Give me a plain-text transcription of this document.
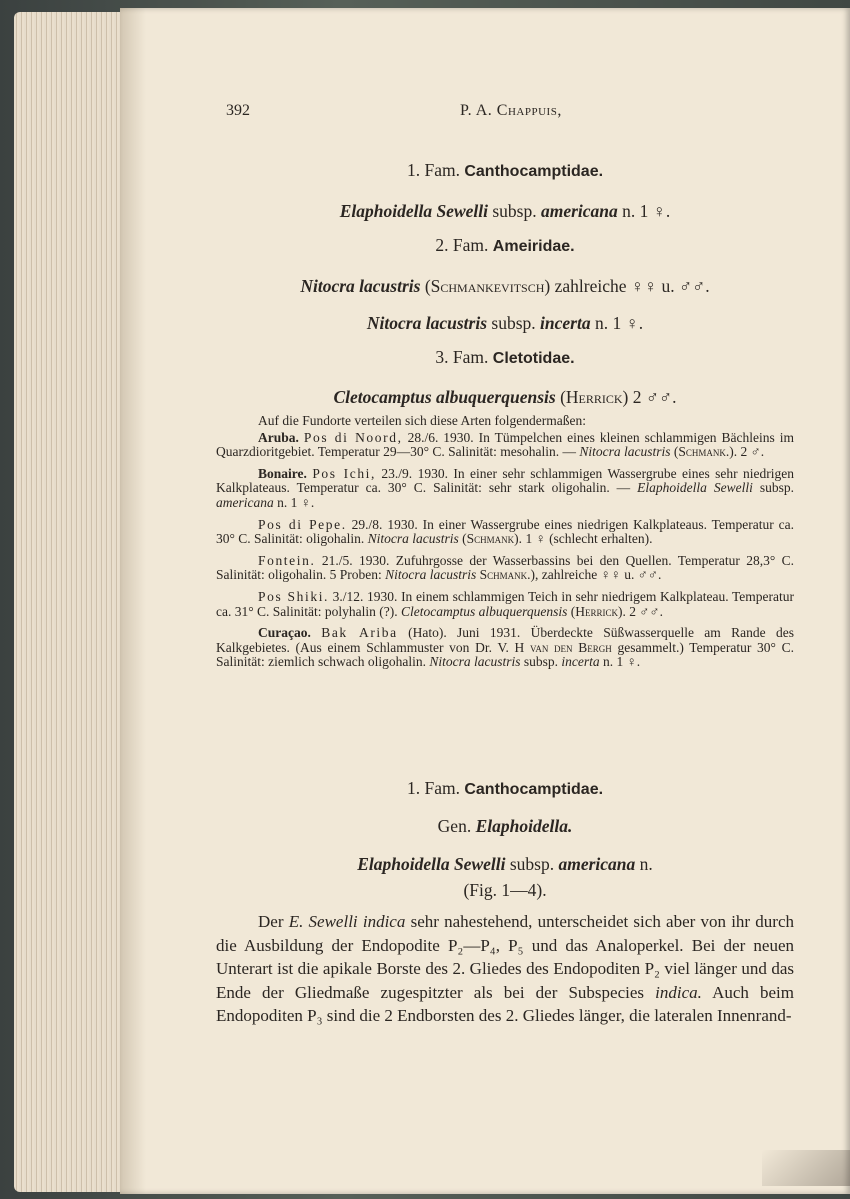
392	P. A. Chappuis,
1. Fam. Canthocamptidae.
Elaphoidella Sewelli subsp. americana n. 1 ♀.
2. Fam. Ameiridae.
Nitocra lacustris (Schmankevitsch) zahlreiche ♀♀ u. ♂♂.
Nitocra lacustris subsp. incerta n. 1 ♀.
3. Fam. Cletotidae.
Cletocamptus albuquerquensis (Herrick) 2 ♂♂.

Auf die Fundorte verteilen sich diese Arten folgendermaßen:

Aruba. Pos di Noord, 28./6. 1930. In Tümpelchen eines kleinen schlammigen Bächleins im Quarzdioritgebiet. Temperatur 29—30° C. Salinität: mesohalin. — Nitocra lacustris (Schmank.). 2 ♂.

Bonaire. Pos Ichi, 23./9. 1930. In einer sehr schlammigen Wassergrube eines sehr niedrigen Kalkplateaus. Temperatur ca. 30° C. Salinität: sehr stark oligohalin. — Elaphoidella Sewelli subsp. americana n. 1 ♀.

Pos di Pepe. 29./8. 1930. In einer Wassergrube eines niedrigen Kalkplateaus. Temperatur ca. 30° C. Salinität: oligohalin. Nitocra lacustris (Schmank). 1 ♀ (schlecht erhalten).

Fontein. 21./5. 1930. Zufuhrgosse der Wasserbassins bei den Quellen. Temperatur 28,3° C. Salinität: oligohalin. 5 Proben: Nitocra lacustris Schmank.), zahlreiche ♀♀ u. ♂♂.

Pos Shiki. 3./12. 1930. In einem schlammigen Teich in sehr niedrigem Kalkplateau. Temperatur ca. 31° C. Salinität: polyhalin (?). Cletocamptus albuquerquensis (Herrick). 2 ♂♂.

Curaçao. Bak Ariba (Hato). Juni 1931. Überdeckte Süßwasserquelle am Rande des Kalkgebietes. (Aus einem Schlammuster von Dr. V. H van den Bergh gesammelt.) Temperatur 30° C. Salinität: ziemlich schwach oligohalin. Nitocra lacustris subsp. incerta n. 1 ♀.

1. Fam. Canthocamptidae.
Gen. Elaphoidella.
Elaphoidella Sewelli subsp. americana n.
(Fig. 1—4).

Der E. Sewelli indica sehr nahestehend, unterscheidet sich aber von ihr durch die Ausbildung der Endopodite P₂—P₄, P₅ und das Analoperkel. Bei der neuen Unterart ist die apikale Borste des 2. Gliedes des Endopoditen P₂ viel länger und das Ende der Gliedmaße zugespitzter als bei der Subspecies indica. Auch beim Endopoditen P₃ sind die 2 Endborsten des 2. Gliedes länger, die lateralen Innenrand-
